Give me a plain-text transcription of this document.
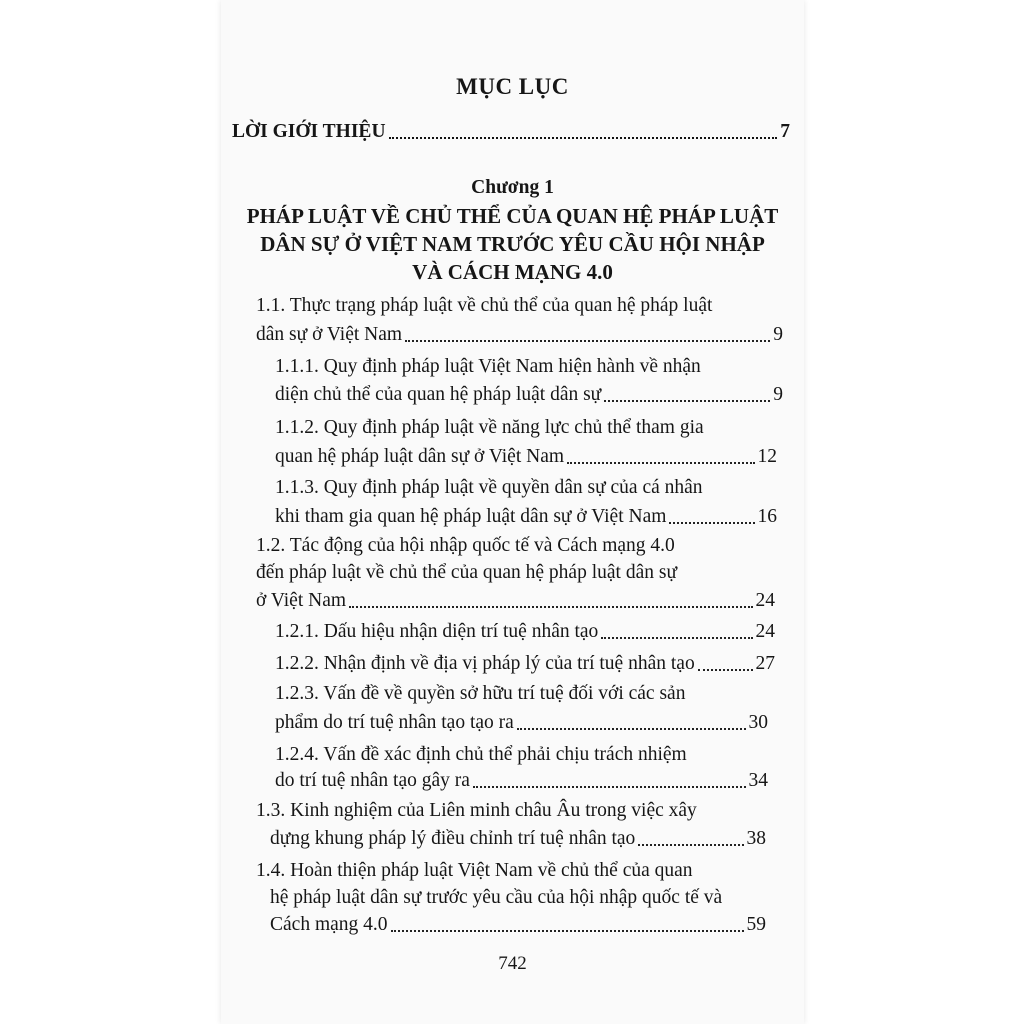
MỤC LỤC
LỜI GIỚI THIỆU	7
Chương 1
PHÁP LUẬT VỀ CHỦ THỂ CỦA QUAN HỆ PHÁP LUẬT
DÂN SỰ Ở VIỆT NAM TRƯỚC YÊU CẦU HỘI NHẬP
VÀ CÁCH MẠNG 4.0
1.1. Thực trạng pháp luật về chủ thể của quan hệ pháp luật
dân sự ở Việt Nam	9
1.1.1. Quy định pháp luật Việt Nam hiện hành về nhận
diện chủ thể của quan hệ pháp luật dân sự	9
1.1.2. Quy định pháp luật về năng lực chủ thể tham gia
quan hệ pháp luật dân sự ở Việt Nam	12
1.1.3. Quy định pháp luật về quyền dân sự của cá nhân
khi tham gia quan hệ pháp luật dân sự ở Việt Nam	16
1.2. Tác động của hội nhập quốc tế và Cách mạng 4.0
đến pháp luật về chủ thể của quan hệ pháp luật dân sự
ở Việt Nam	24
1.2.1. Dấu hiệu nhận diện trí tuệ nhân tạo	24
1.2.2. Nhận định về địa vị pháp lý của trí tuệ nhân tạo	27
1.2.3. Vấn đề về quyền sở hữu trí tuệ đối với các sản
phẩm do trí tuệ nhân tạo tạo ra	30
1.2.4. Vấn đề xác định chủ thể phải chịu trách nhiệm
do trí tuệ nhân tạo gây ra	34
1.3. Kinh nghiệm của Liên minh châu Âu trong việc xây
dựng khung pháp lý điều chỉnh trí tuệ nhân tạo	38
1.4. Hoàn thiện pháp luật Việt Nam về chủ thể của quan
hệ pháp luật dân sự trước yêu cầu của hội nhập quốc tế và
Cách mạng 4.0	59
742
